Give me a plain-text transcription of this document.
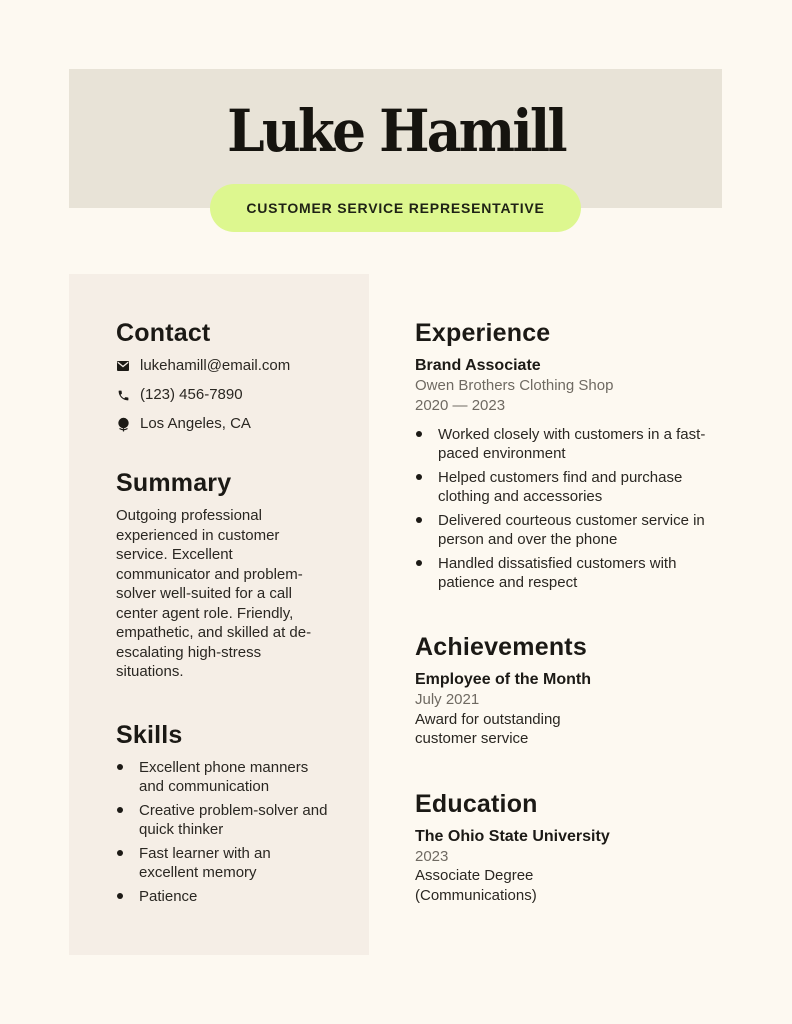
Luke Hamill
CUSTOMER SERVICE REPRESENTATIVE
Contact
lukehamill@email.com
(123) 456-7890
Los Angeles, CA
Summary

Outgoing professional experienced in customer service. Excellent communicator and problem-solver well-suited for a call center agent role. Friendly, empathetic, and skilled at de-escalating high-stress situations.

Skills
Excellent phone manners and communication
Creative problem-solver and quick thinker
Fast learner with an excellent memory
Patience
Experience
Brand Associate
Owen Brothers Clothing Shop
2020 — 2023
Worked closely with customers in a fast-paced environment
Helped customers find and purchase clothing and accessories
Delivered courteous customer service in person and over the phone
Handled dissatisfied customers with patience and respect
Achievements
Employee of the Month
July 2021
Award for outstanding customer service
Education
The Ohio State University
2023
Associate Degree (Communications)
